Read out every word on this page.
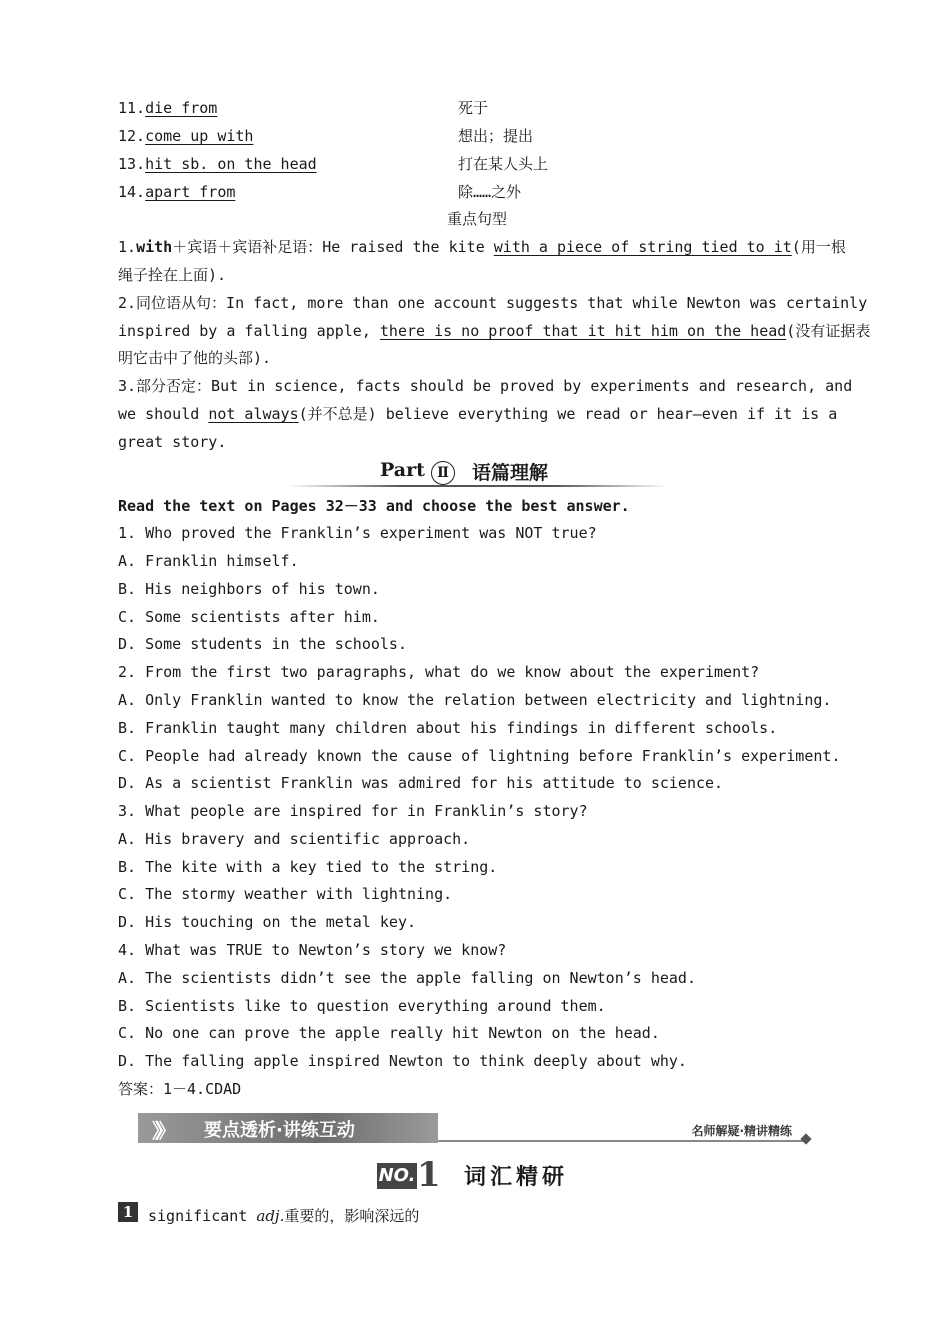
11.die from	死于
12.come up with	想出；提出
13.hit sb. on the head	打在某人头上
14.apart from	除……之外
重点句型
1.with＋宾语＋宾语补足语：He raised the kite with a piece of string tied to it(用一根
绳子拴在上面).
2.同位语从句：In fact, more than one account suggests that while Newton was certainly
inspired by a falling apple, there is no proof that it hit him on the head(没有证据表
明它击中了他的头部).
3.部分否定：But in science, facts should be proved by experiments and research, and
we should not always(并不总是) believe everything we read or hear—even if it is a
great story.
Part Ⅱ	语篇理解
Read the text on Pages 32－33 and choose the best answer.
1. Who proved the Franklin’s experiment was NOT true?
A. Franklin himself.
B. His neighbors of his town.
C. Some scientists after him.
D. Some students in the schools.
2. From the first two paragraphs, what do we know about the experiment?
A. Only Franklin wanted to know the relation between electricity and lightning.
B. Franklin taught many children about his findings in different schools.
C. People had already known the cause of lightning before Franklin’s experiment.
D. As a scientist Franklin was admired for his attitude to science.
3. What people are inspired for in Franklin’s story?
A. His bravery and scientific approach.
B. The kite with a key tied to the string.
C. The stormy weather with lightning.
D. His touching on the metal key.
4. What was TRUE to Newton’s story we know?
A. The scientists didn’t see the apple falling on Newton’s head.
B. Scientists like to question everything around them.
C. No one can prove the apple really hit Newton on the head.
D. The falling apple inspired Newton to think deeply about why.
答案：1－4.CDAD
》》 要点透析·讲练互动	名师解疑·精讲精练
NO. 1 词汇精研
1 significant adj.重要的，影响深远的
